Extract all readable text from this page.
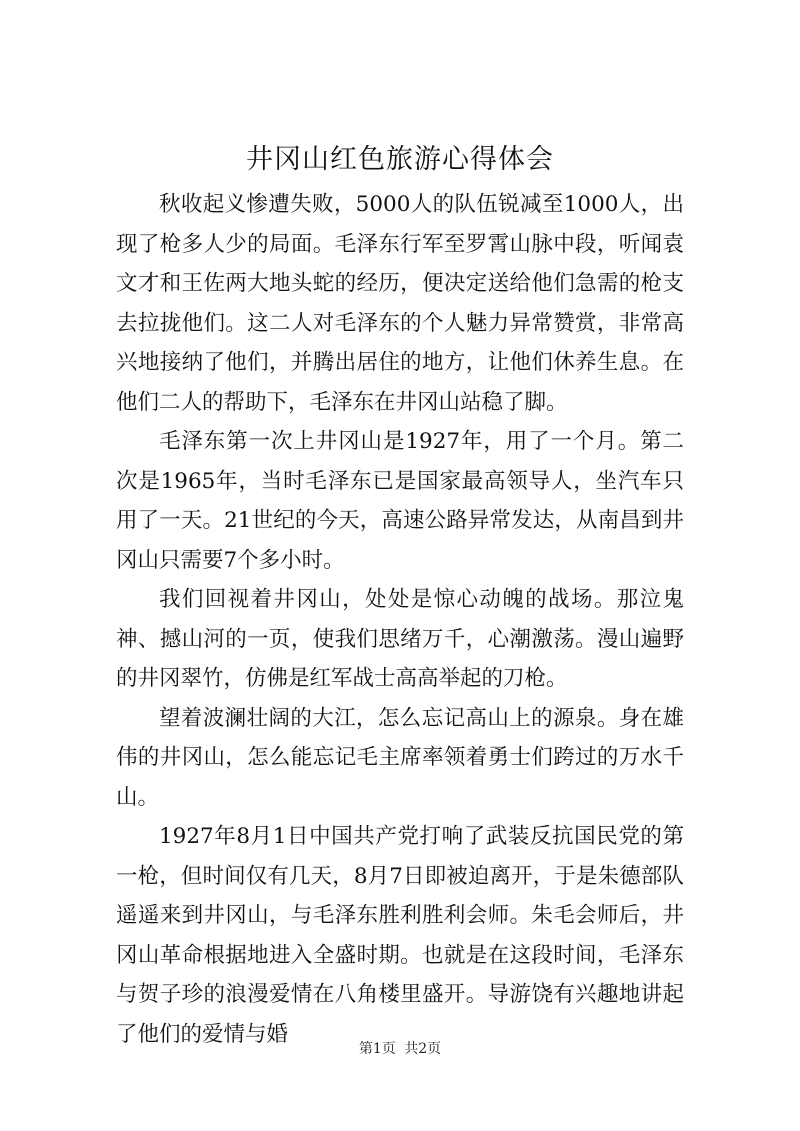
井冈山红色旅游心得体会

秋收起义惨遭失败，5000人的队伍锐减至1000人，出现了枪多人少的局面。毛泽东行军至罗霄山脉中段，听闻袁文才和王佐两大地头蛇的经历，便决定送给他们急需的枪支去拉拢他们。这二人对毛泽东的个人魅力异常赞赏，非常高兴地接纳了他们，并腾出居住的地方，让他们休养生息。在他们二人的帮助下，毛泽东在井冈山站稳了脚。

毛泽东第一次上井冈山是1927年，用了一个月。第二次是1965年，当时毛泽东已是国家最高领导人，坐汽车只用了一天。21世纪的今天，高速公路异常发达，从南昌到井冈山只需要7个多小时。

我们回视着井冈山，处处是惊心动魄的战场。那泣鬼神、撼山河的一页，使我们思绪万千，心潮激荡。漫山遍野的井冈翠竹，仿佛是红军战士高高举起的刀枪。

望着波澜壮阔的大江，怎么忘记高山上的源泉。身在雄伟的井冈山，怎么能忘记毛主席率领着勇士们跨过的万水千山。

1927年8月1日中国共产党打响了武装反抗国民党的第一枪，但时间仅有几天，8月7日即被迫离开，于是朱德部队遥遥来到井冈山，与毛泽东胜利胜利会师。朱毛会师后，井冈山革命根据地进入全盛时期。也就是在这段时间，毛泽东与贺子珍的浪漫爱情在八角楼里盛开。导游饶有兴趣地讲起了他们的爱情与婚

第1页 共2页
